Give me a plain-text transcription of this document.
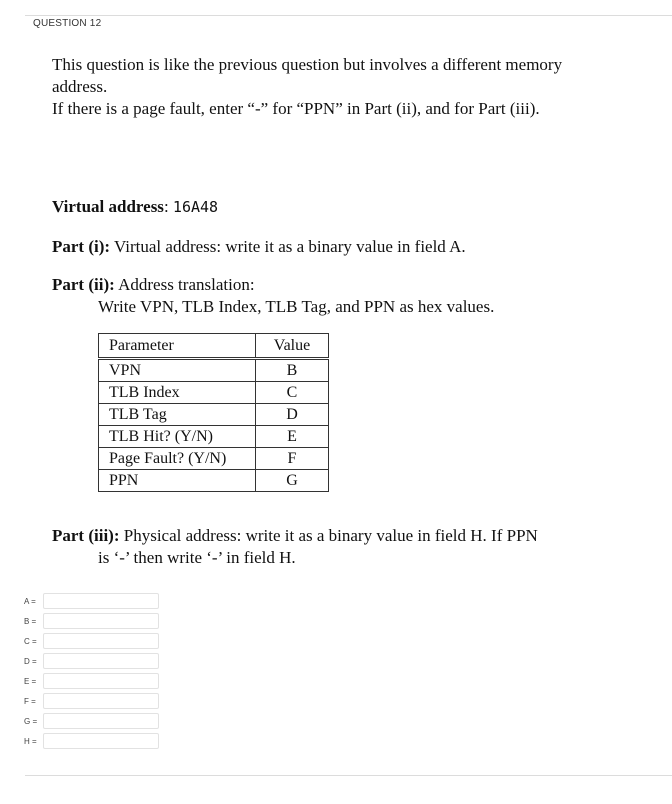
QUESTION 12

This question is like the previous question but involves a different memory address.

If there is a page fault, enter “-” for “PPN” in Part (ii), and for Part (iii).

Virtual address: 16A48
Part (i): Virtual address: write it as a binary value in field A.
Part (ii): Address translation:
Write VPN, TLB Index, TLB Tag, and PPN as hex values.
Parameter	Value
VPN	B
TLB Index	C
TLB Tag	D
TLB Hit? (Y/N)	E
Page Fault? (Y/N)	F
PPN	G
Part (iii): Physical address: write it as a binary value in field H. If PPN
is ‘-’ then write ‘-’ in field H.
A =
B =
C =
D =
E =
F =
G =
H =
